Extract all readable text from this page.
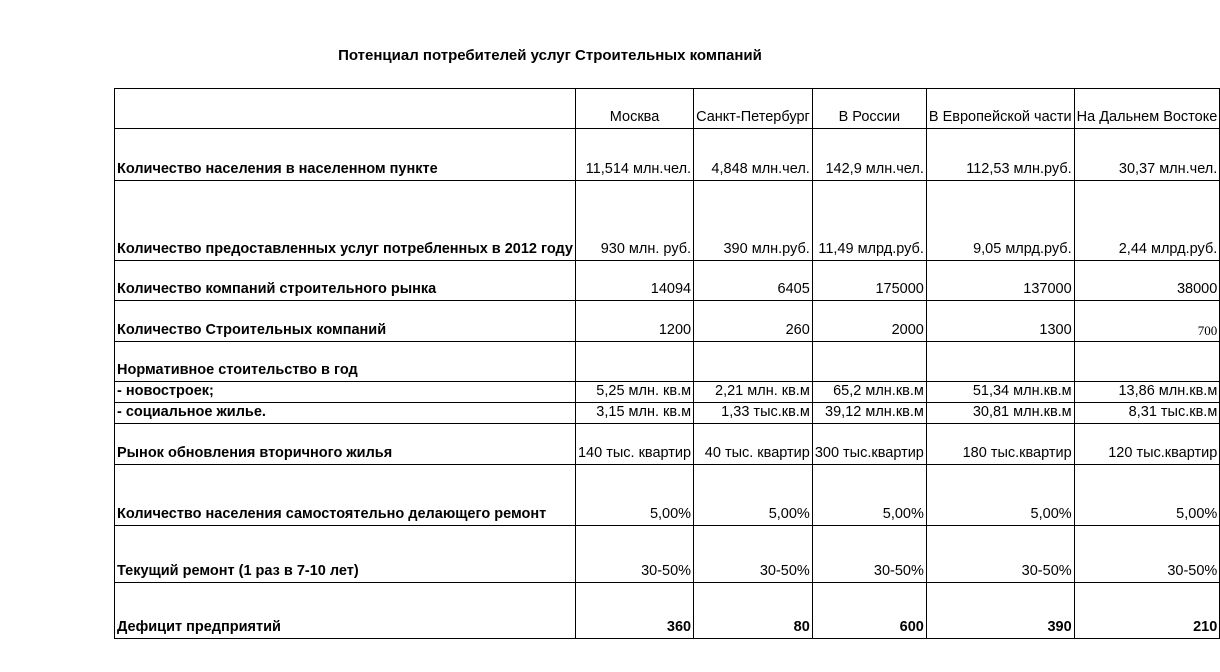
Потенциал потребителей услуг Строительных компаний
	Москва	Санкт-Петербург	В России	В Европейской части	На Дальнем Востоке
Количество населения в населенном пункте	11,514 млн.чел.	4,848 млн.чел.	142,9 млн.чел.	112,53 млн.руб.	30,37 млн.чел.
Количество предоставленных услуг потребленных в 2012 году	930 млн. руб.	390 млн.руб.	11,49 млрд.руб.	9,05 млрд.руб.	2,44 млрд.руб.
Количество компаний строительного рынка	14094	6405	175000	137000	38000
Количество Строительных компаний	1200	260	2000	1300	700
Нормативное стоительство в год					
- новостроек;	5,25 млн. кв.м	2,21 млн. кв.м	65,2 млн.кв.м	51,34 млн.кв.м	13,86 млн.кв.м
- социальное жилье.	3,15 млн. кв.м	1,33 тыс.кв.м	39,12 млн.кв.м	30,81 млн.кв.м	8,31 тыс.кв.м
Рынок обновления вторичного жилья	140 тыс. квартир	40 тыс. квартир	300 тыс.квартир	180 тыс.квартир	120 тыс.квартир
Количество населения самостоятельно делающего ремонт	5,00%	5,00%	5,00%	5,00%	5,00%
Текущий ремонт (1 раз в 7-10 лет)	30-50%	30-50%	30-50%	30-50%	30-50%
Дефицит предприятий	360	80	600	390	210
